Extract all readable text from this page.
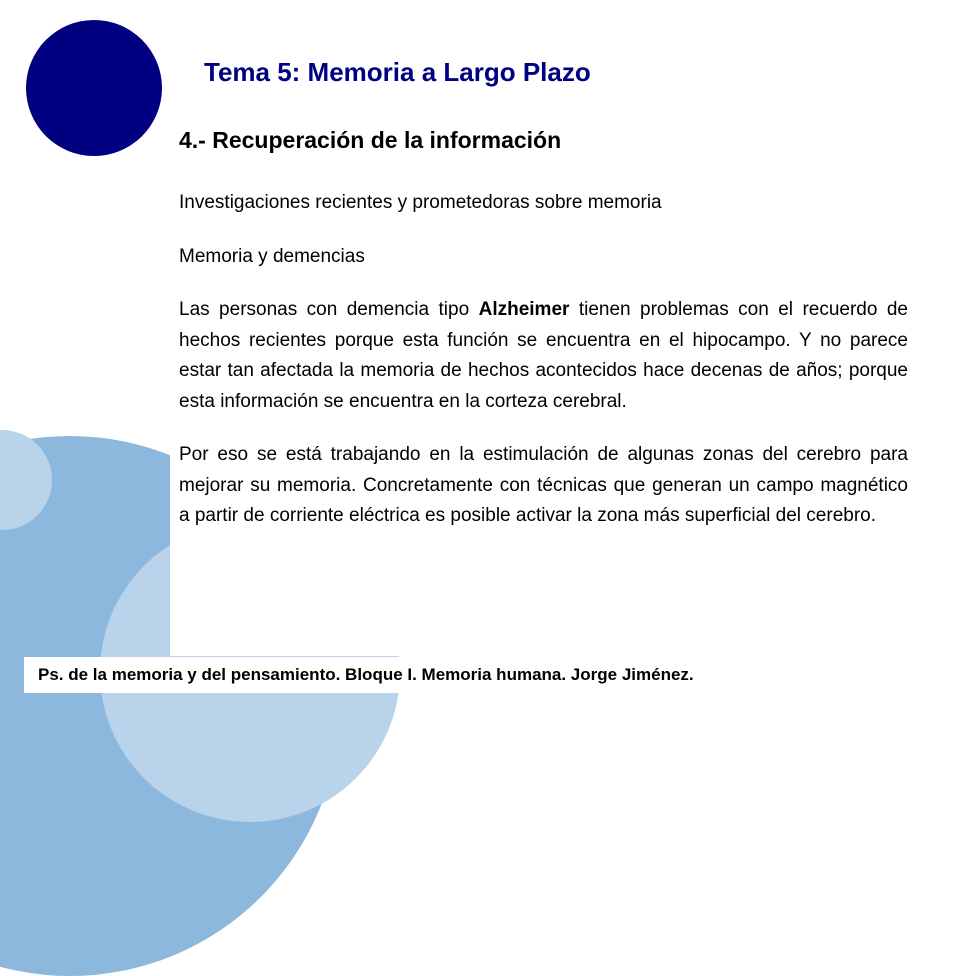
Tema 5: Memoria a Largo Plazo
4.- Recuperación de la información

Investigaciones recientes y prometedoras sobre memoria

Memoria y demencias

Las personas con demencia tipo Alzheimer tienen problemas con el recuerdo de hechos recientes porque esta función se encuentra en el hipocampo. Y no parece estar tan afectada la memoria de hechos acontecidos hace decenas de años; porque esta información se encuentra en la corteza cerebral.

Por eso se está trabajando en la estimulación de algunas zonas del cerebro para mejorar su memoria. Concretamente con técnicas que generan un campo magnético a partir de corriente eléctrica es posible activar la zona más superficial del cerebro.

Ps. de la memoria y del pensamiento. Bloque I. Memoria humana. Jorge Jiménez.
